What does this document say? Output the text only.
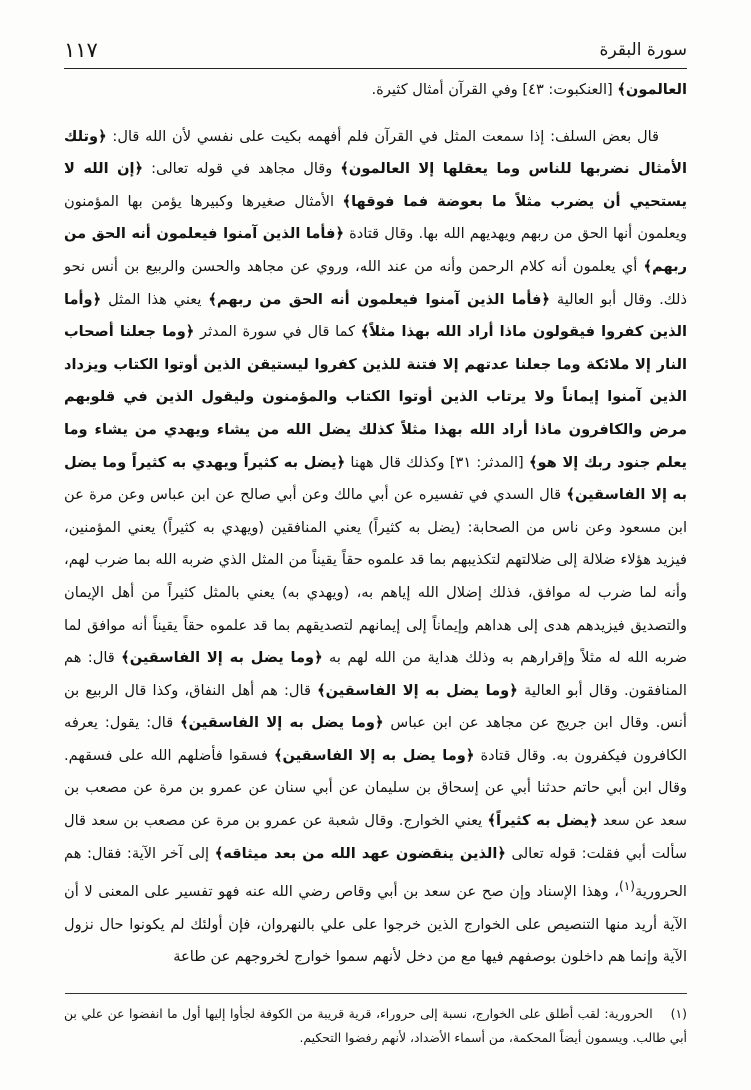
سورة البقرة
١١٧

العالمون﴾ [العنكبوت: ٤٣] وفي القرآن أمثال كثيرة.

قال بعض السلف: إذا سمعت المثل في القرآن فلم أفهمه بكيت على نفسي لأن الله قال: ﴿وتلك الأمثال نضربها للناس وما يعقلها إلا العالمون﴾ وقال مجاهد في قوله تعالى: ﴿إن الله لا يستحيي أن يضرب مثلاً ما بعوضة فما فوقها﴾ الأمثال صغيرها وكبيرها يؤمن بها المؤمنون ويعلمون أنها الحق من ربهم ويهديهم الله بها. وقال قتادة ﴿فأما الذين آمنوا فيعلمون أنه الحق من ربهم﴾ أي يعلمون أنه كلام الرحمن وأنه من عند الله، وروي عن مجاهد والحسن والربيع بن أنس نحو ذلك. وقال أبو العالية ﴿فأما الذين آمنوا فيعلمون أنه الحق من ربهم﴾ يعني هذا المثل ﴿وأما الذين كفروا فيقولون ماذا أراد الله بهذا مثلاً﴾ كما قال في سورة المدثر ﴿وما جعلنا أصحاب النار إلا ملائكة وما جعلنا عدتهم إلا فتنة للذين كفروا ليستيقن الذين أوتوا الكتاب ويزداد الذين آمنوا إيماناً ولا يرتاب الذين أوتوا الكتاب والمؤمنون وليقول الذين في قلوبهم مرض والكافرون ماذا أراد الله بهذا مثلاً كذلك يضل الله من يشاء ويهدي من يشاء وما يعلم جنود ربك إلا هو﴾ [المدثر: ٣١] وكذلك قال ههنا ﴿يضل به كثيراً ويهدي به كثيراً وما يضل به إلا الفاسقين﴾ قال السدي في تفسيره عن أبي مالك وعن أبي صالح عن ابن عباس وعن مرة عن ابن مسعود وعن ناس من الصحابة: (يضل به كثيراً) يعني المنافقين (ويهدي به كثيراً) يعني المؤمنين، فيزيد هؤلاء ضلالة إلى ضلالتهم لتكذيبهم بما قد علموه حقاً يقيناً من المثل الذي ضربه الله بما ضرب لهم، وأنه لما ضرب له موافق، فذلك إضلال الله إياهم به، (ويهدي به) يعني بالمثل كثيراً من أهل الإيمان والتصديق فيزيدهم هدى إلى هداهم وإيماناً إلى إيمانهم لتصديقهم بما قد علموه حقاً يقيناً أنه موافق لما ضربه الله له مثلاً وإقرارهم به وذلك هداية من الله لهم به ﴿وما يضل به إلا الفاسقين﴾ قال: هم المنافقون. وقال أبو العالية ﴿وما يضل به إلا الفاسقين﴾ قال: هم أهل النفاق، وكذا قال الربيع بن أنس. وقال ابن جريج عن مجاهد عن ابن عباس ﴿وما يضل به إلا الفاسقين﴾ قال: يقول: يعرفه الكافرون فيكفرون به. وقال قتادة ﴿وما يضل به إلا الفاسقين﴾ فسقوا فأضلهم الله على فسقهم. وقال ابن أبي حاتم حدثنا أبي عن إسحاق بن سليمان عن أبي سنان عن عمرو بن مرة عن مصعب بن سعد عن سعد ﴿يضل به كثيراً﴾ يعني الخوارج. وقال شعبة عن عمرو بن مرة عن مصعب بن سعد قال سألت أبي فقلت: قوله تعالى ﴿الذين ينقضون عهد الله من بعد ميثاقه﴾ إلى آخر الآية: فقال: هم الحرورية$^{(١)}$، وهذا الإسناد وإن صح عن سعد بن أبي وقاص رضي الله عنه فهو تفسير على المعنى لا أن الآية أريد منها التنصيص على الخوارج الذين خرجوا على علي بالنهروان، فإن أولئك لم يكونوا حال نزول الآية وإنما هم داخلون بوصفهم فيها مع من دخل لأنهم سموا خوارج لخروجهم عن طاعة

(١)الحرورية: لقب أطلق على الخوارج، نسبة إلى حروراء، قرية قريبة من الكوفة لجأوا إليها أول ما انفضوا عن علي بن أبي طالب. ويسمون أيضاً المحكمة، من أسماء الأضداد، لأنهم رفضوا التحكيم.
